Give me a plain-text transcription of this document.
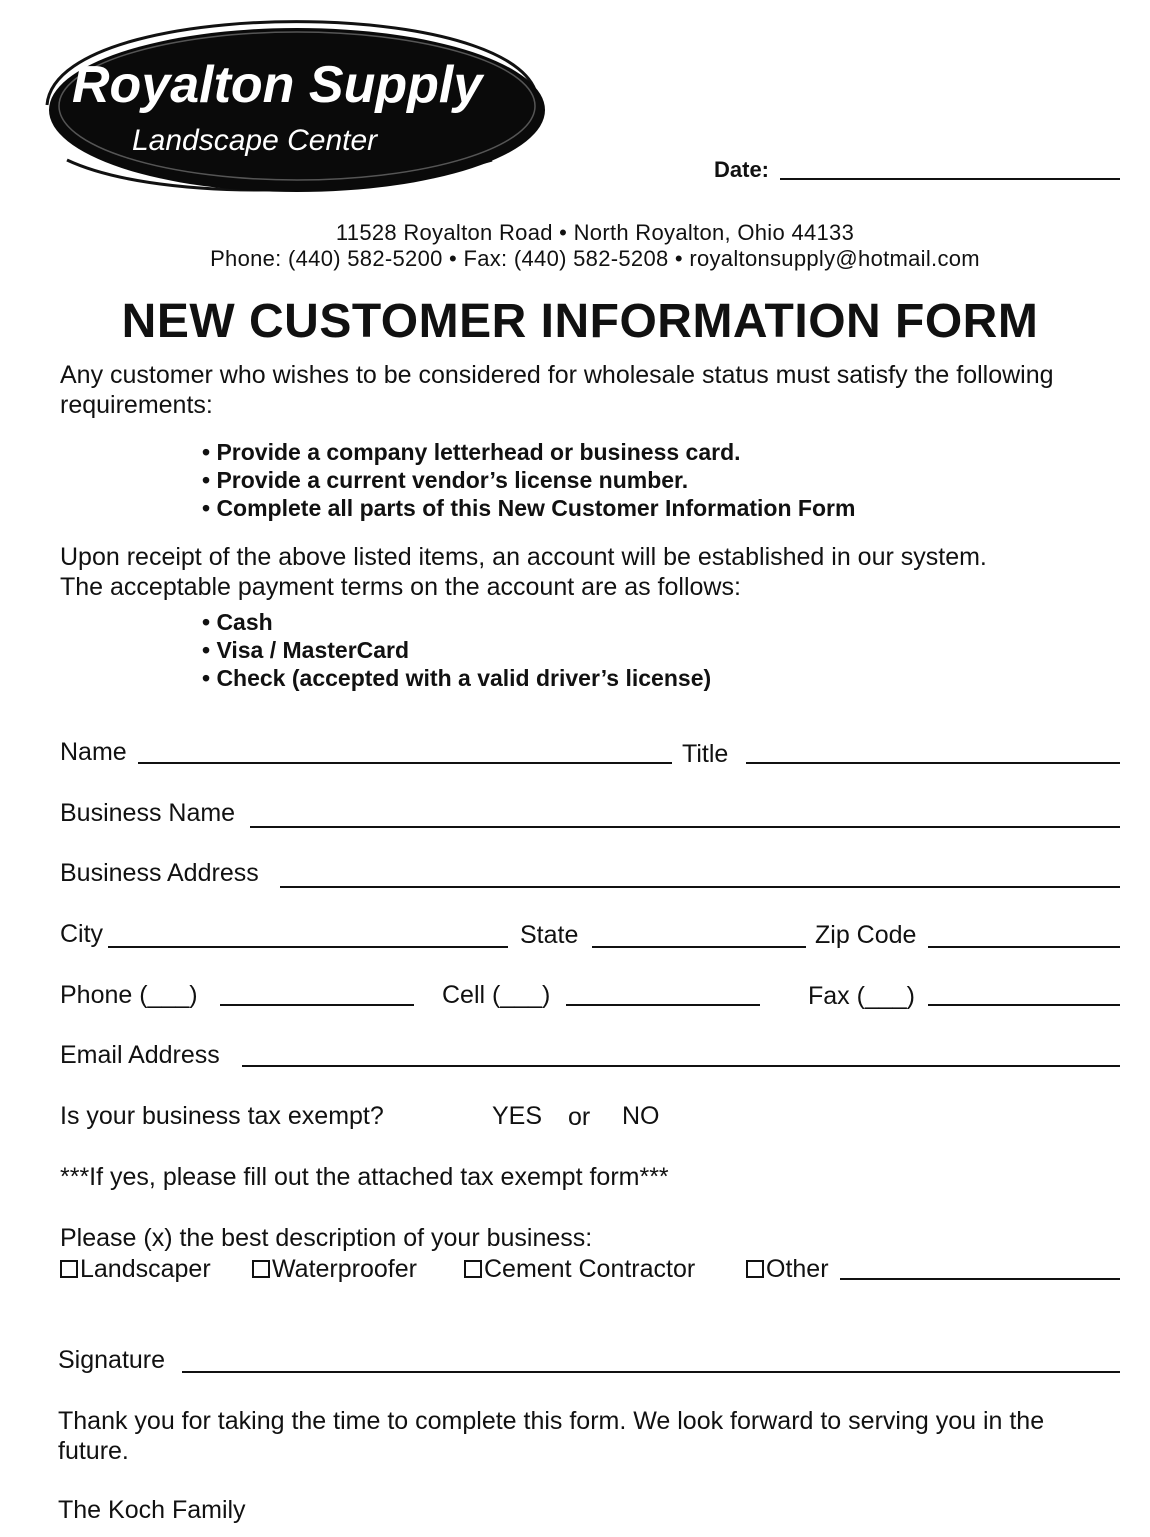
Royalton Supply
Landscape Center
Date:
11528 Royalton Road • North Royalton, Ohio 44133
Phone: (440) 582-5200 • Fax: (440) 582-5208 • royaltonsupply@hotmail.com
NEW CUSTOMER INFORMATION FORM
Any customer who wishes to be considered for wholesale status must satisfy the following requirements:
• Provide a company letterhead or business card.
• Provide a current vendor’s license number.
• Complete all parts of this New Customer Information Form
Upon receipt of the above listed items, an account will be established in our system. The acceptable payment terms on the account are as follows:
• Cash
• Visa / MasterCard
• Check (accepted with a valid driver’s license)
Name	Title
Business Name
Business Address
City	State	Zip Code
Phone (___)	Cell (___)	Fax (___)
Email Address
Is your business tax exempt?	YES or NO
***If yes, please fill out the attached tax exempt form***
Please (x) the best description of your business:
Landscaper	Waterproofer	Cement Contractor	Other
Signature
Thank you for taking the time to complete this form. We look forward to serving you in the future.
The Koch Family
